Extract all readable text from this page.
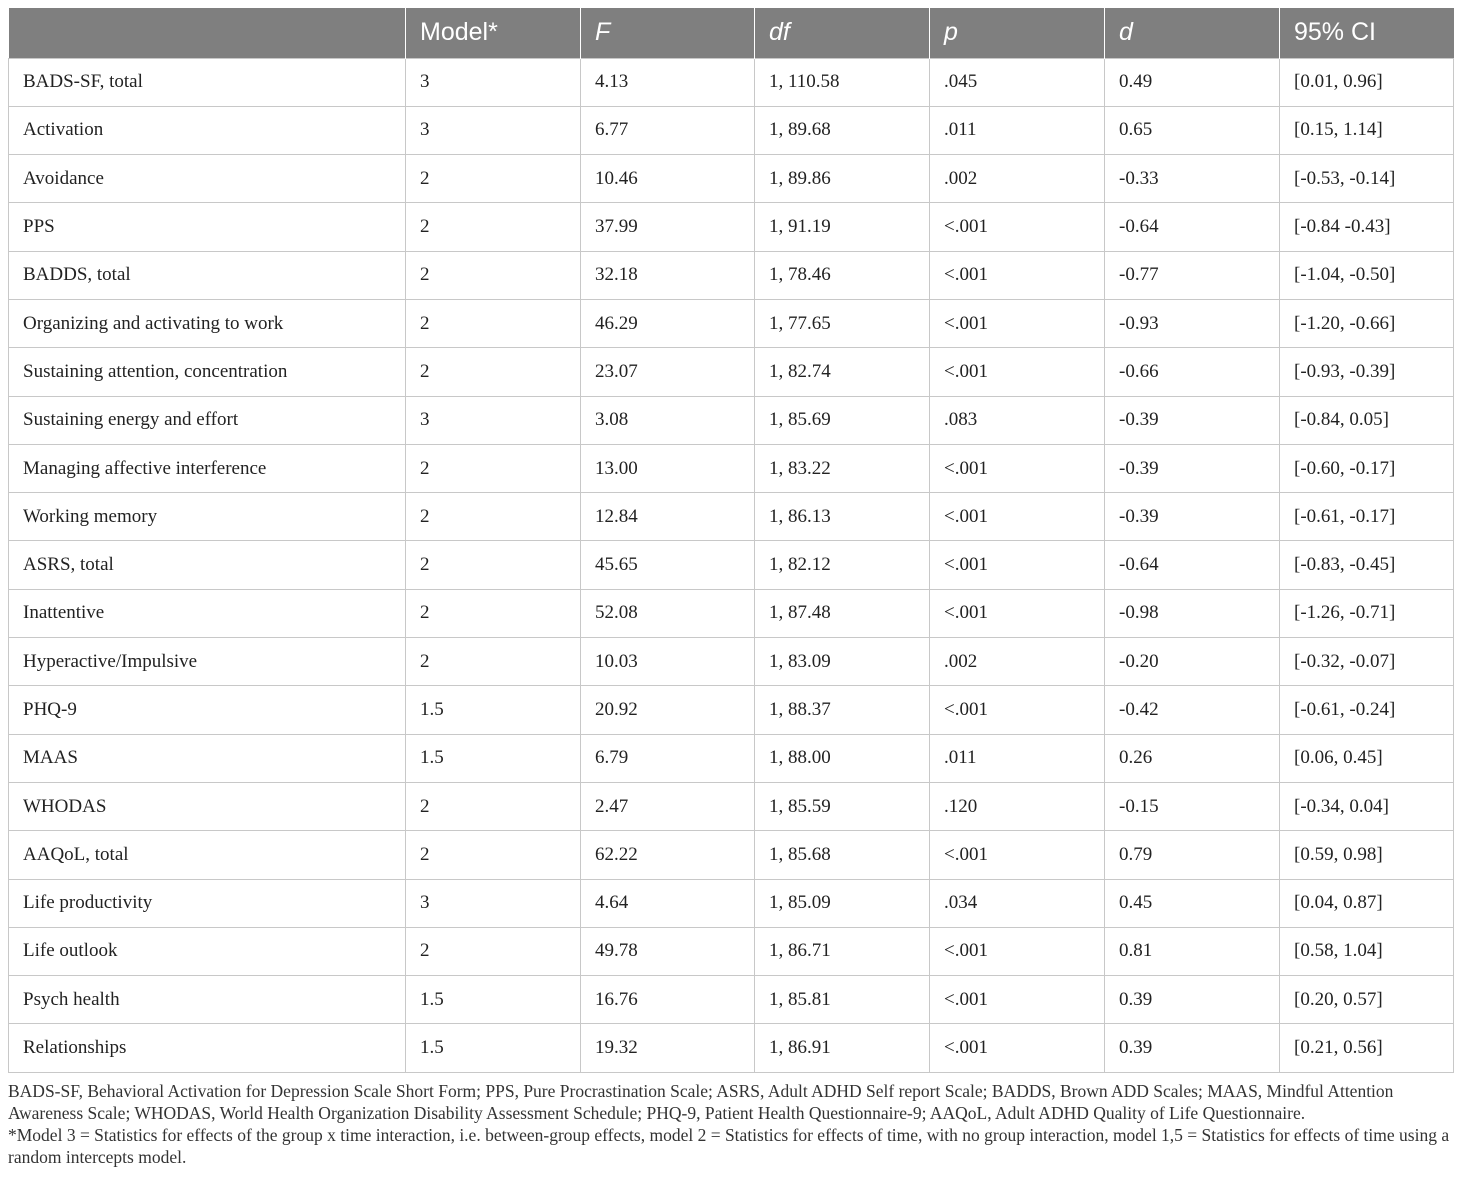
	Model*	F	df	p	d	95% CI
BADS-SF, total	3	4.13	1, 110.58	.045	0.49	[0.01, 0.96]
Activation	3	6.77	1, 89.68	.011	0.65	[0.15, 1.14]
Avoidance	2	10.46	1, 89.86	.002	-0.33	[-0.53, -0.14]
PPS	2	37.99	1, 91.19	<.001	-0.64	[-0.84 -0.43]
BADDS, total	2	32.18	1, 78.46	<.001	-0.77	[-1.04, -0.50]
Organizing and activating to work	2	46.29	1, 77.65	<.001	-0.93	[-1.20, -0.66]
Sustaining attention, concentration	2	23.07	1, 82.74	<.001	-0.66	[-0.93, -0.39]
Sustaining energy and effort	3	3.08	1, 85.69	.083	-0.39	[-0.84, 0.05]
Managing affective interference	2	13.00	1, 83.22	<.001	-0.39	[-0.60, -0.17]
Working memory	2	12.84	1, 86.13	<.001	-0.39	[-0.61, -0.17]
ASRS, total	2	45.65	1, 82.12	<.001	-0.64	[-0.83, -0.45]
Inattentive	2	52.08	1, 87.48	<.001	-0.98	[-1.26, -0.71]
Hyperactive/Impulsive	2	10.03	1, 83.09	.002	-0.20	[-0.32, -0.07]
PHQ-9	1.5	20.92	1, 88.37	<.001	-0.42	[-0.61, -0.24]
MAAS	1.5	6.79	1, 88.00	.011	0.26	[0.06, 0.45]
WHODAS	2	2.47	1, 85.59	.120	-0.15	[-0.34, 0.04]
AAQoL, total	2	62.22	1, 85.68	<.001	0.79	[0.59, 0.98]
Life productivity	3	4.64	1, 85.09	.034	0.45	[0.04, 0.87]
Life outlook	2	49.78	1, 86.71	<.001	0.81	[0.58, 1.04]
Psych health	1.5	16.76	1, 85.81	<.001	0.39	[0.20, 0.57]
Relationships	1.5	19.32	1, 86.91	<.001	0.39	[0.21, 0.56]

BADS-SF, Behavioral Activation for Depression Scale Short Form; PPS, Pure Procrastination Scale; ASRS, Adult ADHD Self report Scale; BADDS, Brown ADD Scales; MAAS, Mindful Attention Awareness Scale; WHODAS, World Health Organization Disability Assessment Schedule; PHQ-9, Patient Health Questionnaire-9; AAQoL, Adult ADHD Quality of Life Questionnaire.

*Model 3 = Statistics for effects of the group x time interaction, i.e. between-group effects, model 2 = Statistics for effects of time, with no group interaction, model 1,5 = Statistics for effects of time using a random intercepts model.
